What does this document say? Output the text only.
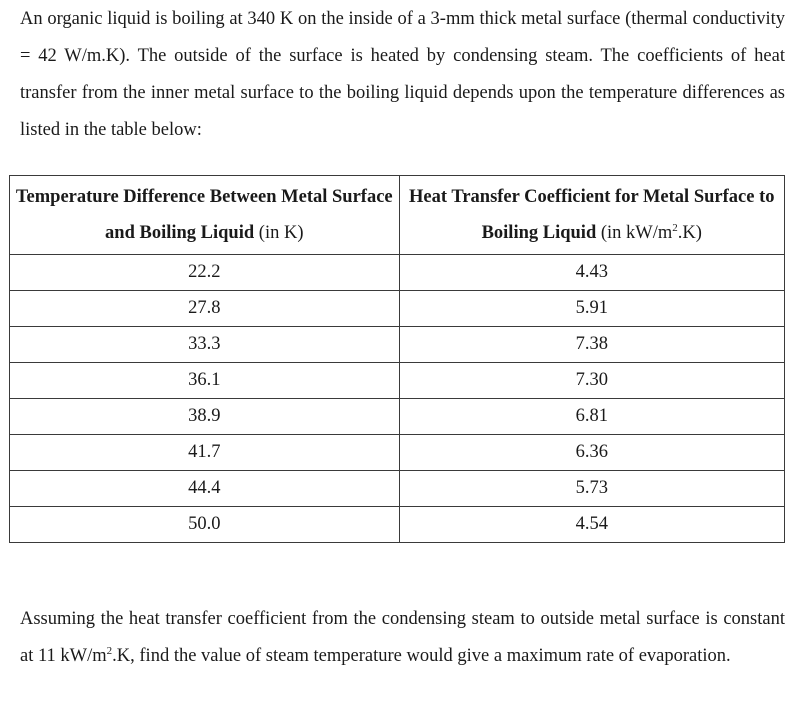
An organic liquid is boiling at 340 K on the inside of a 3-mm thick metal surface (thermal conductivity = 42 W/m.K). The outside of the surface is heated by condensing steam. The coefficients of heat transfer from the inner metal surface to the boiling liquid depends upon the temperature differences as listed in the table below:

Temperature Difference Between Metal Surface and Boiling Liquid (in K)	Heat Transfer Coefficient for Metal Surface to Boiling Liquid (in $kW/m^2.K$)
22.2	4.43
27.8	5.91
33.3	7.38
36.1	7.30
38.9	6.81
41.7	6.36
44.4	5.73
50.0	4.54

Assuming the heat transfer coefficient from the condensing steam to outside metal surface is constant at 11 $kW/m^2.K$, find the value of steam temperature would give a maximum rate of evaporation.
